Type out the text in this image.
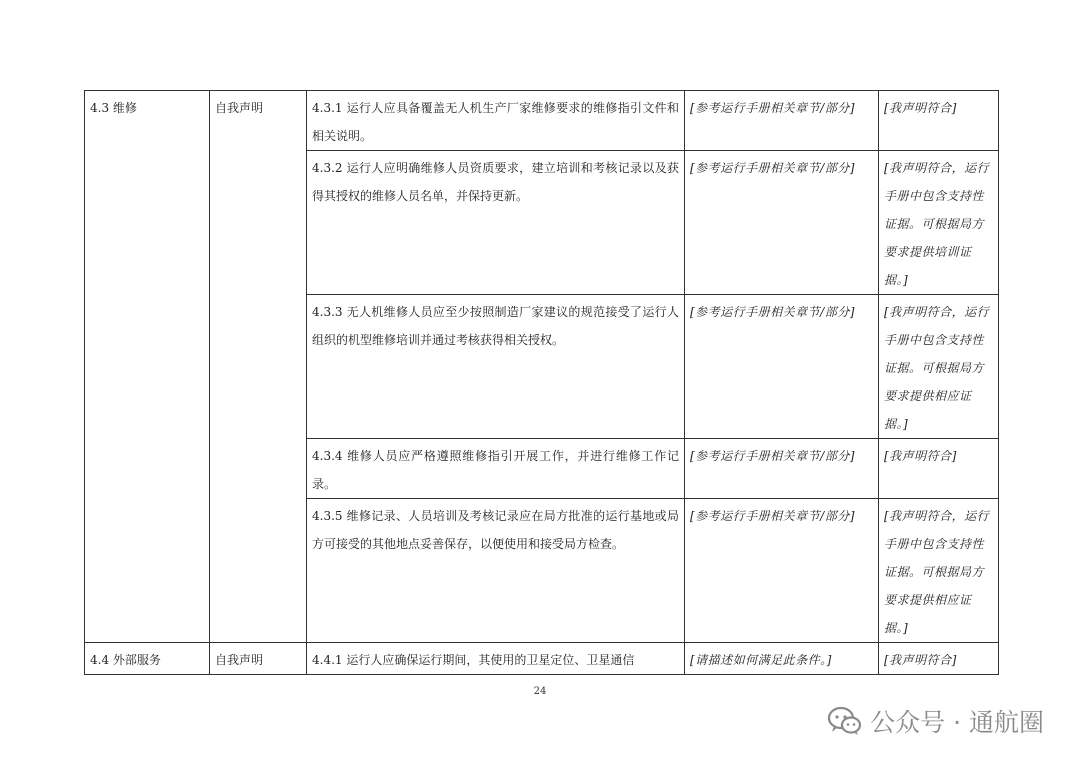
4.3 维修	自我声明	4.3.1 运行人应具备覆盖无人机生产厂家维修要求的维修指引文件和相关说明。	[参考运行手册相关章节/部分]	[我声明符合]
		4.3.2 运行人应明确维修人员资质要求，建立培训和考核记录以及获得其授权的维修人员名单，并保持更新。	[参考运行手册相关章节/部分]	[我声明符合，运行手册中包含支持性证据。可根据局方要求提供培训证据。]
		4.3.3 无人机维修人员应至少按照制造厂家建议的规范接受了运行人组织的机型维修培训并通过考核获得相关授权。	[参考运行手册相关章节/部分]	[我声明符合，运行手册中包含支持性证据。可根据局方要求提供相应证据。]
		4.3.4 维修人员应严格遵照维修指引开展工作，并进行维修工作记录。	[参考运行手册相关章节/部分]	[我声明符合]
		4.3.5 维修记录、人员培训及考核记录应在局方批准的运行基地或局方可接受的其他地点妥善保存，以便使用和接受局方检查。	[参考运行手册相关章节/部分]	[我声明符合，运行手册中包含支持性证据。可根据局方要求提供相应证据。]
4.4 外部服务	自我声明	4.4.1 运行人应确保运行期间，其使用的卫星定位、卫星通信	[请描述如何满足此条件。]	[我声明符合]
24
公众号 · 通航圈
